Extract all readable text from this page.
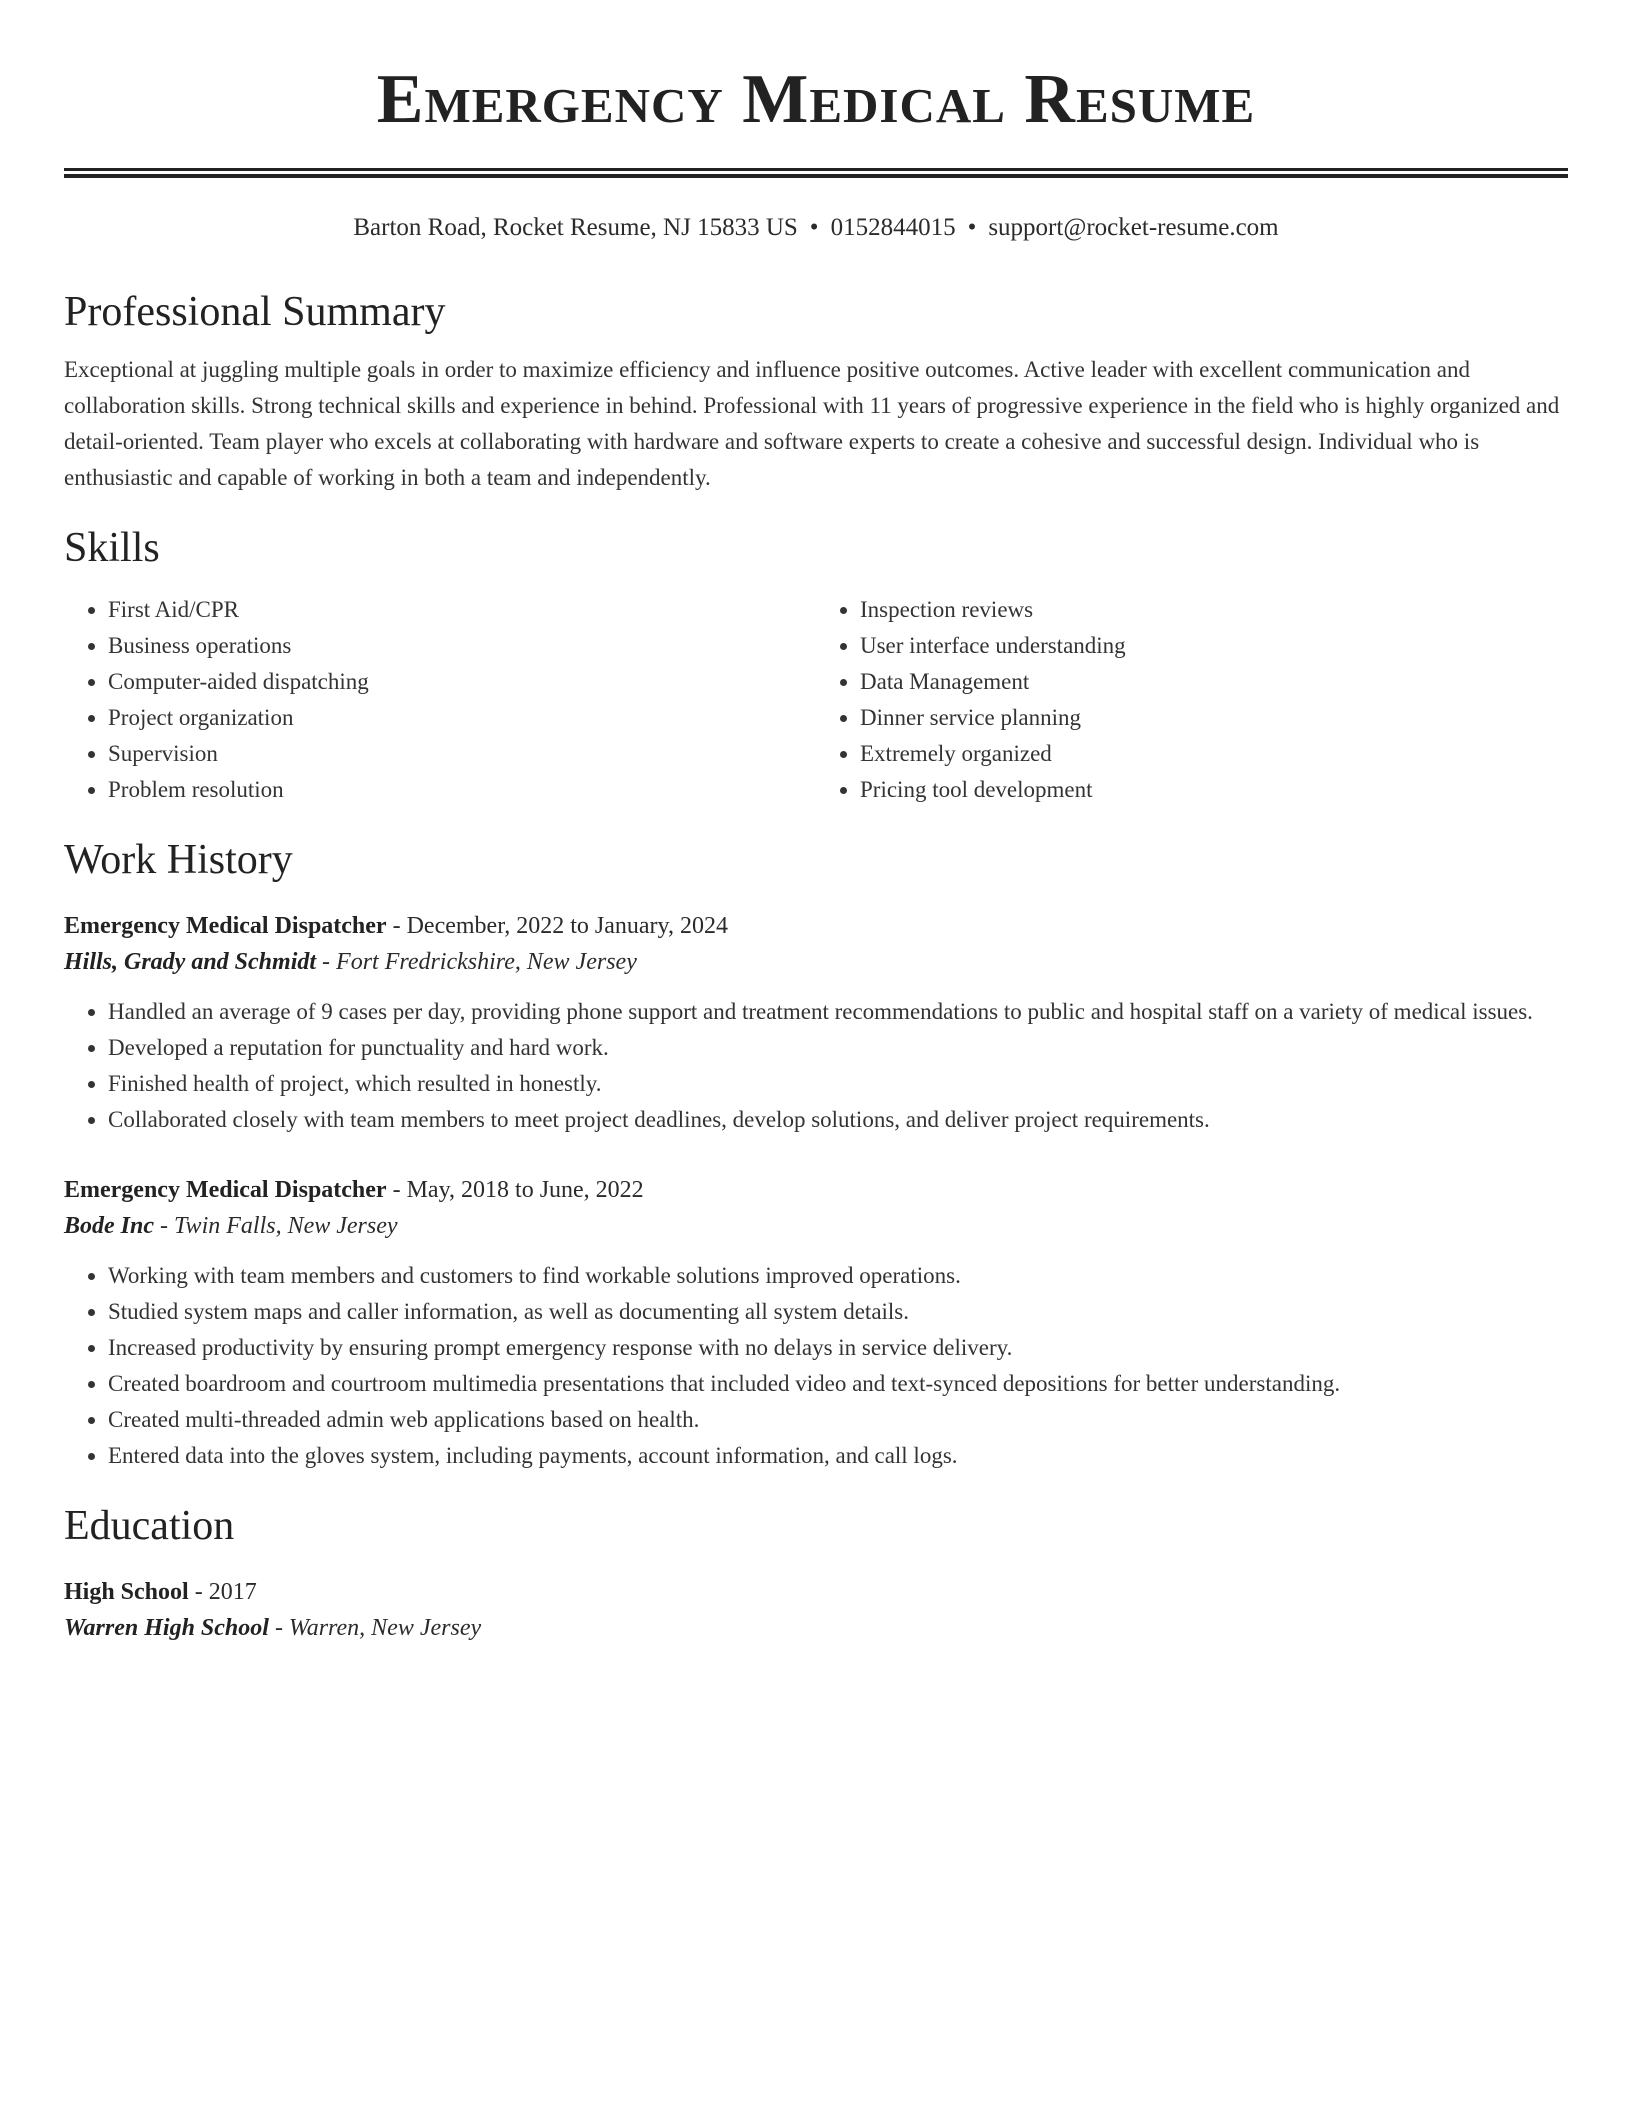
Emergency Medical Resume
Barton Road, Rocket Resume, NJ 15833 US • 0152844015 • support@rocket-resume.com
Professional Summary

Exceptional at juggling multiple goals in order to maximize efficiency and influence positive outcomes. Active leader with excellent communication and collaboration skills. Strong technical skills and experience in behind. Professional with 11 years of progressive experience in the field who is highly organized and detail-oriented. Team player who excels at collaborating with hardware and software experts to create a cohesive and successful design. Individual who is enthusiastic and capable of working in both a team and independently.

Skills
• First Aid/CPR
• Business operations
• Computer-aided dispatching
• Project organization
• Supervision
• Problem resolution
• Inspection reviews
• User interface understanding
• Data Management
• Dinner service planning
• Extremely organized
• Pricing tool development
Work History
Emergency Medical Dispatcher - December, 2022 to January, 2024
Hills, Grady and Schmidt - Fort Fredrickshire, New Jersey
• Handled an average of 9 cases per day, providing phone support and treatment recommendations to public and hospital staff on a variety of medical issues.
• Developed a reputation for punctuality and hard work.
• Finished health of project, which resulted in honestly.
• Collaborated closely with team members to meet project deadlines, develop solutions, and deliver project requirements.
Emergency Medical Dispatcher - May, 2018 to June, 2022
Bode Inc - Twin Falls, New Jersey
• Working with team members and customers to find workable solutions improved operations.
• Studied system maps and caller information, as well as documenting all system details.
• Increased productivity by ensuring prompt emergency response with no delays in service delivery.
• Created boardroom and courtroom multimedia presentations that included video and text-synced depositions for better understanding.
• Created multi-threaded admin web applications based on health.
• Entered data into the gloves system, including payments, account information, and call logs.
Education
High School - 2017
Warren High School - Warren, New Jersey
